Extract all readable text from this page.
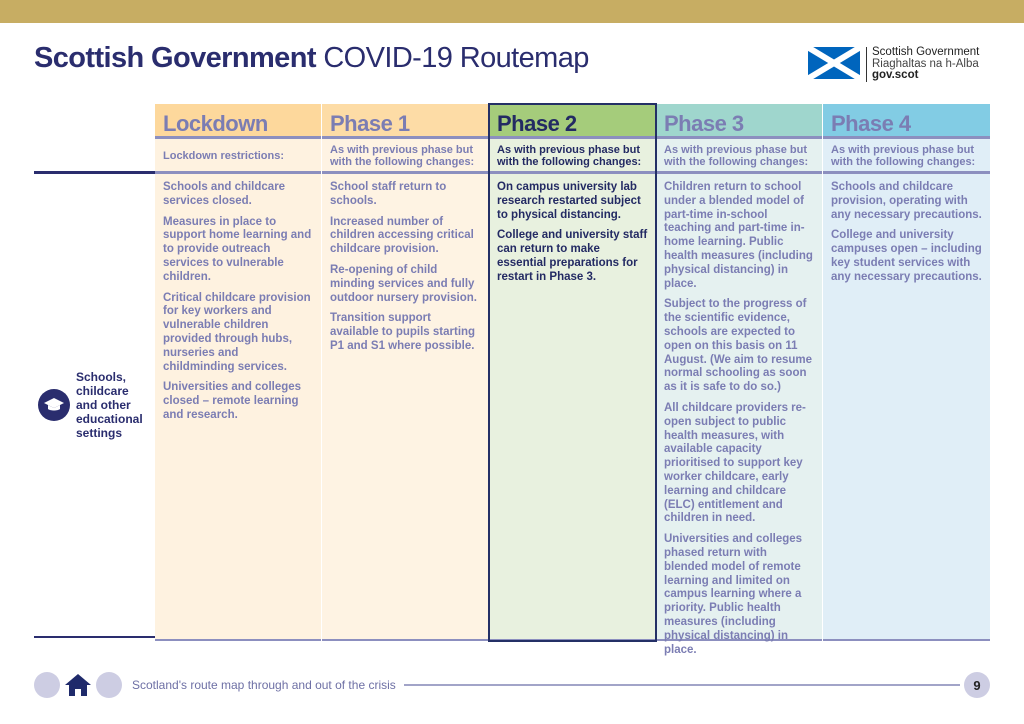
Scottish Government COVID-19 Routemap	Scottish Government
Riaghaltas na h-Alba
gov.scot
Schools, childcare and other educational settings
Lockdown
Lockdown restrictions:

Schools and childcare services closed.

Measures in place to support home learning and to provide outreach services to vulnerable children.

Critical childcare provision for key workers and vulnerable children provided through hubs, nurseries and childminding services.

Universities and colleges closed – remote learning and research.

Phase 1
As with previous phase but with the following changes:

School staff return to schools.

Increased number of children accessing critical childcare provision.

Re-opening of child minding services and fully outdoor nursery provision.

Transition support available to pupils starting P1 and S1 where possible.

Phase 2
As with previous phase but with the following changes:

On campus university lab research restarted subject to physical distancing.

College and university staff can return to make essential preparations for restart in Phase 3.

Phase 3
As with previous phase but with the following changes:

Children return to school under a blended model of part-time in-school teaching and part-time in-home learning. Public health measures (including physical distancing) in place.

Subject to the progress of the scientific evidence, schools are expected to open on this basis on 11 August. (We aim to resume normal schooling as soon as it is safe to do so.)

All childcare providers re-open subject to public health measures, with available capacity prioritised to support key worker childcare, early learning and childcare (ELC) entitlement and children in need.

Universities and colleges phased return with blended model of remote learning and limited on campus learning where a priority. Public health measures (including physical distancing) in place.

Phase 4
As with previous phase but with the following changes:

Schools and childcare provision, operating with any necessary precautions.

College and university campuses open – including key student services with any necessary precautions.

Scotland's route map through and out of the crisis	9
